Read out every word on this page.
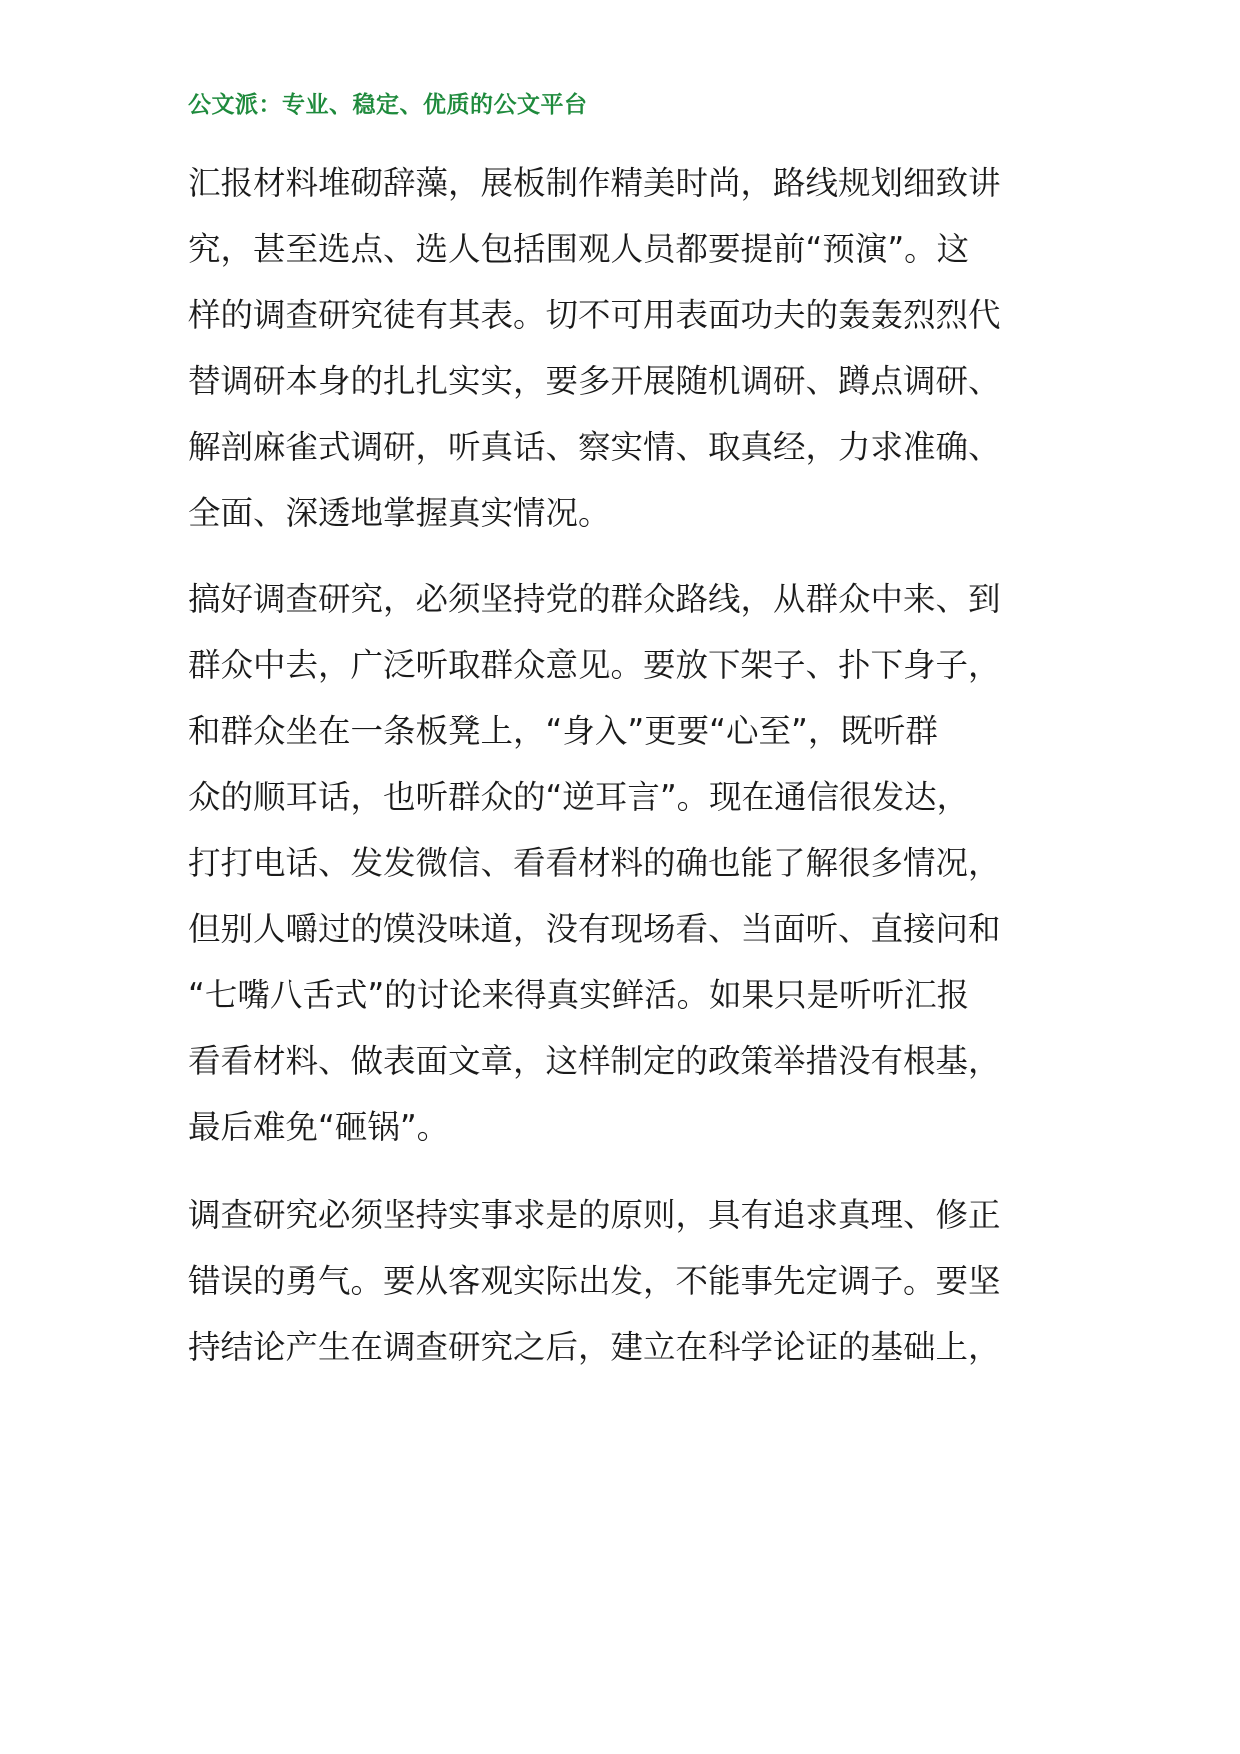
公文派：专业、稳定、优质的公文平台
汇报材料堆砌辞藻，展板制作精美时尚，路线规划细致讲
究，甚至选点、选人包括围观人员都要提前“预演”。这
样的调查研究徒有其表。切不可用表面功夫的轰轰烈烈代
替调研本身的扎扎实实，要多开展随机调研、蹲点调研、
解剖麻雀式调研，听真话、察实情、取真经，力求准确、
全面、深透地掌握真实情况。
搞好调查研究，必须坚持党的群众路线，从群众中来、到
群众中去，广泛听取群众意见。要放下架子、扑下身子，
和群众坐在一条板凳上，“身入”更要“心至”，既听群
众的顺耳话，也听群众的“逆耳言”。现在通信很发达，
打打电话、发发微信、看看材料的确也能了解很多情况，
但别人嚼过的馍没味道，没有现场看、当面听、直接问和
“七嘴八舌式”的讨论来得真实鲜活。如果只是听听汇报
看看材料、做表面文章，这样制定的政策举措没有根基，
最后难免“砸锅”。
调查研究必须坚持实事求是的原则，具有追求真理、修正
错误的勇气。要从客观实际出发，不能事先定调子。要坚
持结论产生在调查研究之后，建立在科学论证的基础上，
